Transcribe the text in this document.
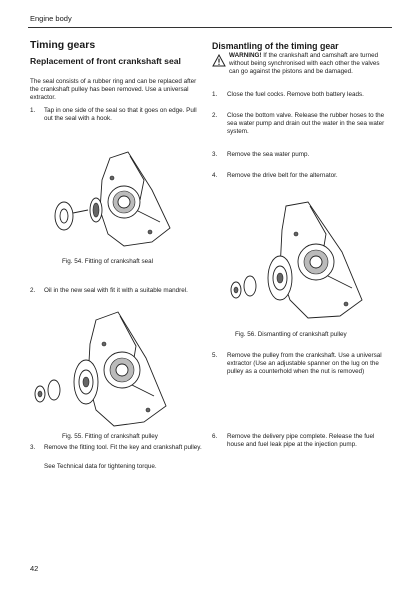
Engine body
Timing gears
Replacement of front crankshaft seal
The seal consists of a rubber ring and can be replaced after the crankshaft pulley has been removed. Use a universal extractor.
1. Tap in one side of the seal so that it goes on edge. Pull out the seal with a hook.
Fig. 54. Fitting of crankshaft seal
2. Oil in the new seal with fit it with a suitable mandrel.
Fig. 55. Fitting of crankshaft pulley
3. Remove the fitting tool. Fit the key and crankshaft pulley.
See Technical data for tightening torque.
Dismantling of the timing gear
WARNING! If the crankshaft and camshaft are turned without being synchronised with each other the valves can go against the pistons and be damaged.
1. Close the fuel cocks. Remove both battery leads.
2. Close the bottom valve. Release the rubber hoses to the sea water pump and drain out the water in the sea water system.
3. Remove the sea water pump.
4. Remove the drive belt for the alternator.
Fig. 56. Dismantling of crankshaft pulley
5. Remove the pulley from the crankshaft. Use a universal extractor (Use an adjustable spanner on the lug on the pulley as a counterhold when the nut is removed)
6. Remove the delivery pipe complete. Release the fuel house and fuel leak pipe at the injection pump.
42
